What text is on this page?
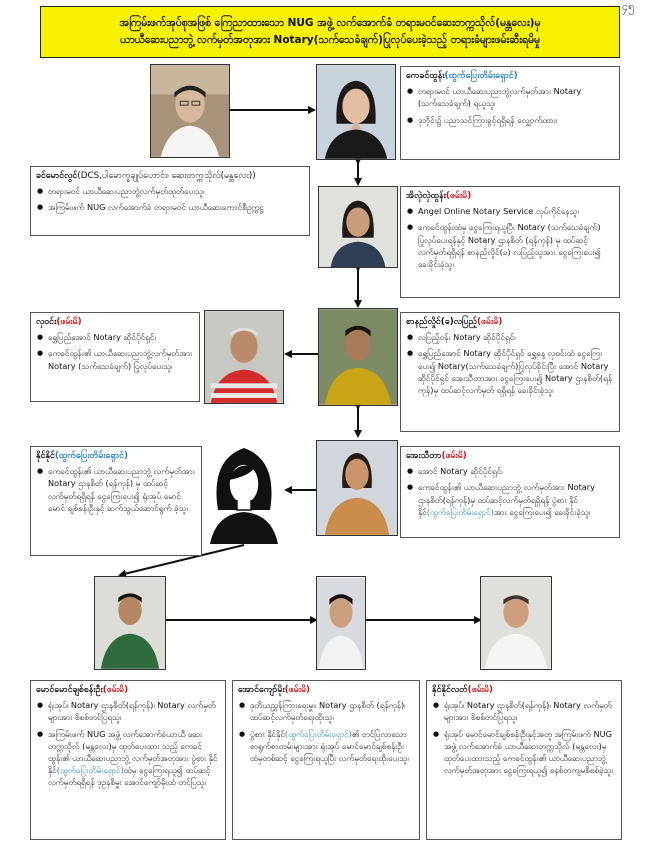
၄၅
အကြမ်းဖက်အုပ်စုအဖြစ် ကြေညာထားသော NUG အဖွဲ့ လက်အောက်ခံ တရားမဝင်ဆေးတက္ကသိုလ်(မန္တလေး)မှ
ယာယီဆေးပညာဘွဲ့ လက်မှတ်အတုအား Notary(သက်သေခံချက်)ပြုလုပ်ပေးခဲ့သည့် တရားခံများဖမ်းဆီးရမိမှု
ကေခင်ထွန်း(ထွက်ပြေးတိမ်းရှောင်)
● တရားမဝင် ယာယီဆေးပညာဘွဲ့လက်မှတ်အား Notary (သက်သေခံချက်) ရယူသူ၊
● ဒုဘိုင်း၌ ပညာသင်ကြားခွင့်ရရှိရန် လျှောက်ထား၊
ခင်မောင်လွင်(DCS,ပါမောက္ခချုပ်ဟောင်း၊ ဆေးတက္ကသိုလ်(မန္တလေး))
● တရားမဝင် ယာယီဆေးပညာဘွဲ့လက်မှတ်ထုတ်ပေးသူ၊
● အကြမ်းဖက် NUG လက်အောက်ခံ တရားမဝင် ယာယီဆေးကောင်စီဥက္ကဋ္ဌ
အိလှဲလှဲထွန်း(ဖမ်းမိ)
● Angel Online Notary Service လုပ်ကိုင်နေသူ၊
● ကေခင်ထွန်းထံမှ ငွေကြေးရယူပြီး Notary (သက်သေခံချက်) ပြုလုပ်ပေးရန်နှင့် Notary ဌာနစိတ် (ရန်ကုန်) မှ ထပ်ဆင့်လက်မှတ်ရရှိရန် စာနည်လှိုင်(ခ) လပြည့်သူအား ငွေကြေးပေး၍ ခေးခိုင်းခဲ့သူ၊
လှဝင်း(ဖမ်းမိ)
● ရွှေပြည်အောင် Notary ဆိုင်ပိုင်ရှင်၊
● ကေခင်ထွန်း၏ ယာယီဆေးပညာဘွဲ့လက်မှတ်အား Notary (သက်သေခံချက်) ပြုလုပ်ပေးသူ၊
စာနည်လှိုင်(ခ)လပြည့်(ဖမ်းမိ)
● လပြည့်ဝန်း Notary ဆိုင်ပိုင်ရှင်၊
● ရွှေပြည်အောင် Notary ဆိုင်ပိုင်ရှင် ရွှေနေ့ လှဝင်းထံ ငွေကြေးပေး၍ Notary(သက်သေခံချက်)ပြုလုပ်ခိုင်းပြီး အောင် Notary ဆိုင်ပိုင်ရှင် အေးသီတာအား ငွေကြေးပေး၍ Notary ဌာနစိတ်(ရန်ကုန်)မှ ထပ်ဆင့်လက်မှတ် ရရှိရန် ခေးခိုင်းခဲ့သူ၊
နိုင်နိုင်(ထွက်ပြေးတိမ်းရှောင်)
● ကေခင်ထွန်း၏ ယာယီဆေးပညာဘွဲ့ လက်မှတ်အား Notary ဌာနစိတ် (ရန်ကုန်) မှ ထပ်ဆင့်လက်မှတ်ရရှိရန် ငွေကြေးပေး၍ ရုံးအုပ် မောင်မောင် ချစ်စန်းဦးနှင့် ဆက်သွယ်ဆောင်ရွက် ခဲ့သူ၊
အေးသီတာ(ဖမ်းမိ)
● အောင် Notary ဆိုင်ပိုင်ရှင်၊
● ကေခင်ထွန်း၏ ယာယီဆေးပညာဘွဲ့ လက်မှတ်အား Notary ဌာနစိတ်(ရန်ကုန်)မှ ထပ်ဆင့်လက်မှတ်ရရှိရန် ပွဲစား နိုင်နိုင်(ထွက်ပြေးတိမ်းရှောင်)အား ငွေကြေးပေး၍ ခေးခိုင်းခဲ့သူ၊
မောင်မောင်ချစ်စန်းဦး(ဖမ်းမိ)
● ရုံးအုပ်၊ Notary ဌာနစိတ်(ရန်ကုန်)၊ Notary လက်မှတ်များအား စိစစ်တင်ပြရသူ၊
● အကြမ်းဖက် NUG အဖွဲ့ လက်အောက်ခံယာယီ ဆေးတက္ကသိုလ် (မန္တလေး)မှ ထုတ်ပေးထား သည့် ကေခင်ထွန်း၏ ယာယီဆေးပညာဘွဲ့ လက်မှတ်အတုအား ပွဲစား နိုင်နိုင်(ထွက်ပြေးတိမ်းရှောင်)ထံမှ ငွေကြေးရယူ၍ ထပ်ဆင့်လက်မှတ်ရရှိရန် ဒုဥနစိမှူး အောင်ကျော်မိုးထံ တင်ပြသူ၊
အောင်ကျော်မိုး(ဖမ်းမိ)
● ဒုတိယညွှန်ကြားရေးမှူး၊ Notary ဌာနစိတ် (ရန်ကုန်)၊ ထပ်ဆင့်လက်မှတ်ရေးထိုးသူ၊
● ပွဲစား နိုင်နိုင်(ထွက်ပြေးတိမ်းရှောင်)၏ တင်ပြလာသော စာရွက်စာတမ်းများအား ရုံးအုပ် မောင်မောင်ချစ်စန်းဦးထံမှတစ်ဆင့် ငွေကြေးရယူပြီး လက်မှတ်ရေးထိုးပေးသူ၊
နိုင်နိုင်လတ်(ဖမ်းမိ)
● ရုံးအုပ်၊ Notary ဌာနစိတ်(ရန်ကုန်)၊ Notary လက်မှတ်များအား စိစစ်တင်ပြရသူ၊
● ရုံးအုပ် မောင်မောင်ချစ်စန်းဦးနှင့်အတူ အကြမ်းဖက် NUG အဖွဲ့ လက်အောက်ခံ ယာယီဆေးတက္ကသိုလ် (မန္တလေး)မှ ထုတ်ပေးထားသည့် ကေခင်ထွန်း၏ ယာယီဆေးပညာဘွဲ့လက်မှတ်အတုအား ငွေကြေးရယူ၍ စနစ်တကျမစိစစ်ခဲ့သူ၊
